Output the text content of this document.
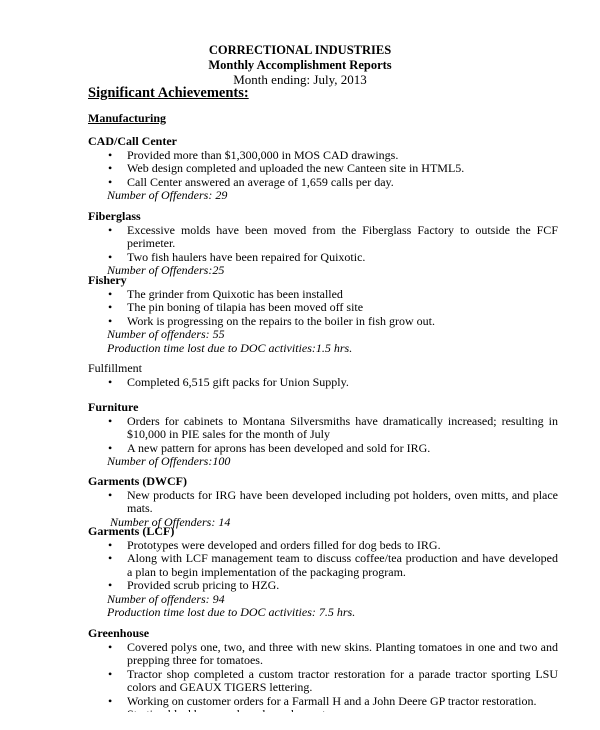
CORRECTIONAL INDUSTRIES
Monthly Accomplishment Reports
Month ending: July, 2013
Significant Achievements:
Manufacturing
CAD/Call Center
• Provided more than $1,300,000 in MOS CAD drawings.
• Web design completed and uploaded the new Canteen site in HTML5.
• Call Center answered an average of 1,659 calls per day.
Number of Offenders: 29
Fiberglass
• Excessive molds have been moved from the Fiberglass Factory to outside the FCF perimeter.
• Two fish haulers have been repaired for Quixotic.
Number of Offenders:25
Fishery
• The grinder from Quixotic has been installed
• The pin boning of tilapia has been moved off site
• Work is progressing on the repairs to the boiler in fish grow out.
Number of offenders: 55
Production time lost due to DOC activities:1.5 hrs.
Fulfillment
• Completed 6,515 gift packs for Union Supply.
Furniture
• Orders for cabinets to Montana Silversmiths have dramatically increased; resulting in $10,000 in PIE sales for the month of July
• A new pattern for aprons has been developed and sold for IRG.
Number of Offenders:100
Garments (DWCF)
• New products for IRG have been developed including pot holders, oven mitts, and place mats.
Number of Offenders: 14
Garments (LCF)
• Prototypes were developed and orders filled for dog beds to IRG.
• Along with LCF management team to discuss coffee/tea production and have developed a plan to begin implementation of the packaging program.
• Provided scrub pricing to HZG.
Number of offenders: 94
Production time lost due to DOC activities: 7.5 hrs.
Greenhouse
• Covered polys one, two, and three with new skins. Planting tomatoes in one and two and prepping three for tomatoes.
• Tractor shop completed a custom tractor restoration for a parade tractor sporting LSU colors and GEAUX TIGERS lettering.
• Working on customer orders for a Farmall H and a John Deere GP tractor restoration.
•
